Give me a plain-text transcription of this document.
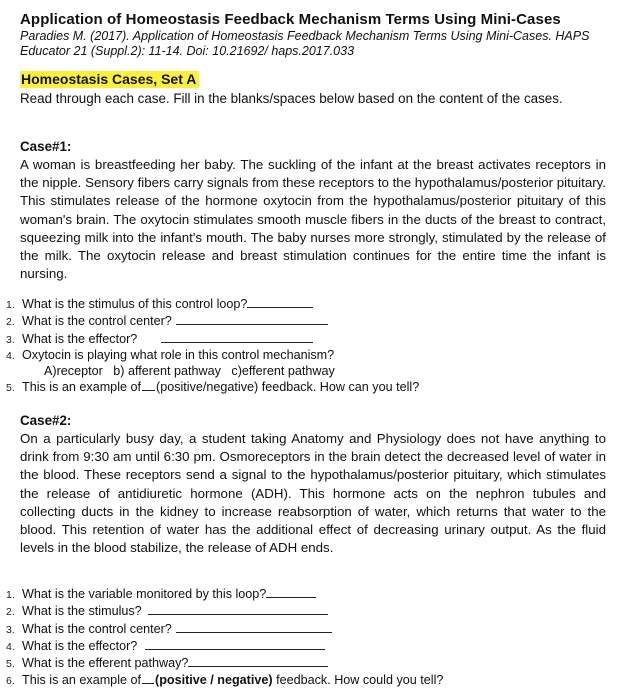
Application of Homeostasis Feedback Mechanism Terms Using Mini-Cases
Paradies M. (2017). Application of Homeostasis Feedback Mechanism Terms Using Mini-Cases. HAPS
Educator 21 (Suppl.2): 11-14. Doi: 10.21692/ haps.2017.033
Homeostasis Cases, Set A
Read through each case. Fill in the blanks/spaces below based on the content of the cases.
Case#1:
A woman is breastfeeding her baby. The suckling of the infant at the breast activates receptors in the nipple. Sensory fibers carry signals from these receptors to the hypothalamus/posterior pituitary. This stimulates release of the hormone oxytocin from the hypothalamus/posterior pituitary of this woman's brain. The oxytocin stimulates smooth muscle fibers in the ducts of the breast to contract, squeezing milk into the infant's mouth. The baby nurses more strongly, stimulated by the release of the milk. The oxytocin release and breast stimulation continues for the entire time the infant is nursing.
1. What is the stimulus of this control loop?
2. What is the control center?
3. What is the effector?
4. Oxytocin is playing what role in this control mechanism?
A)receptor b) afferent pathway c)efferent pathway
5. This is an example of (positive/negative) feedback. How can you tell?
Case#2:
On a particularly busy day, a student taking Anatomy and Physiology does not have anything to drink from 9:30 am until 6:30 pm. Osmoreceptors in the brain detect the decreased level of water in the blood. These receptors send a signal to the hypothalamus/posterior pituitary, which stimulates the release of antidiuretic hormone (ADH). This hormone acts on the nephron tubules and collecting ducts in the kidney to increase reabsorption of water, which returns that water to the blood. This retention of water has the additional effect of decreasing urinary output. As the fluid levels in the blood stabilize, the release of ADH ends.
1. What is the variable monitored by this loop?
2. What is the stimulus?
3. What is the control center?
4. What is the effector?
5. What is the efferent pathway?
6. This is an example of (positive / negative) feedback. How could you tell?
